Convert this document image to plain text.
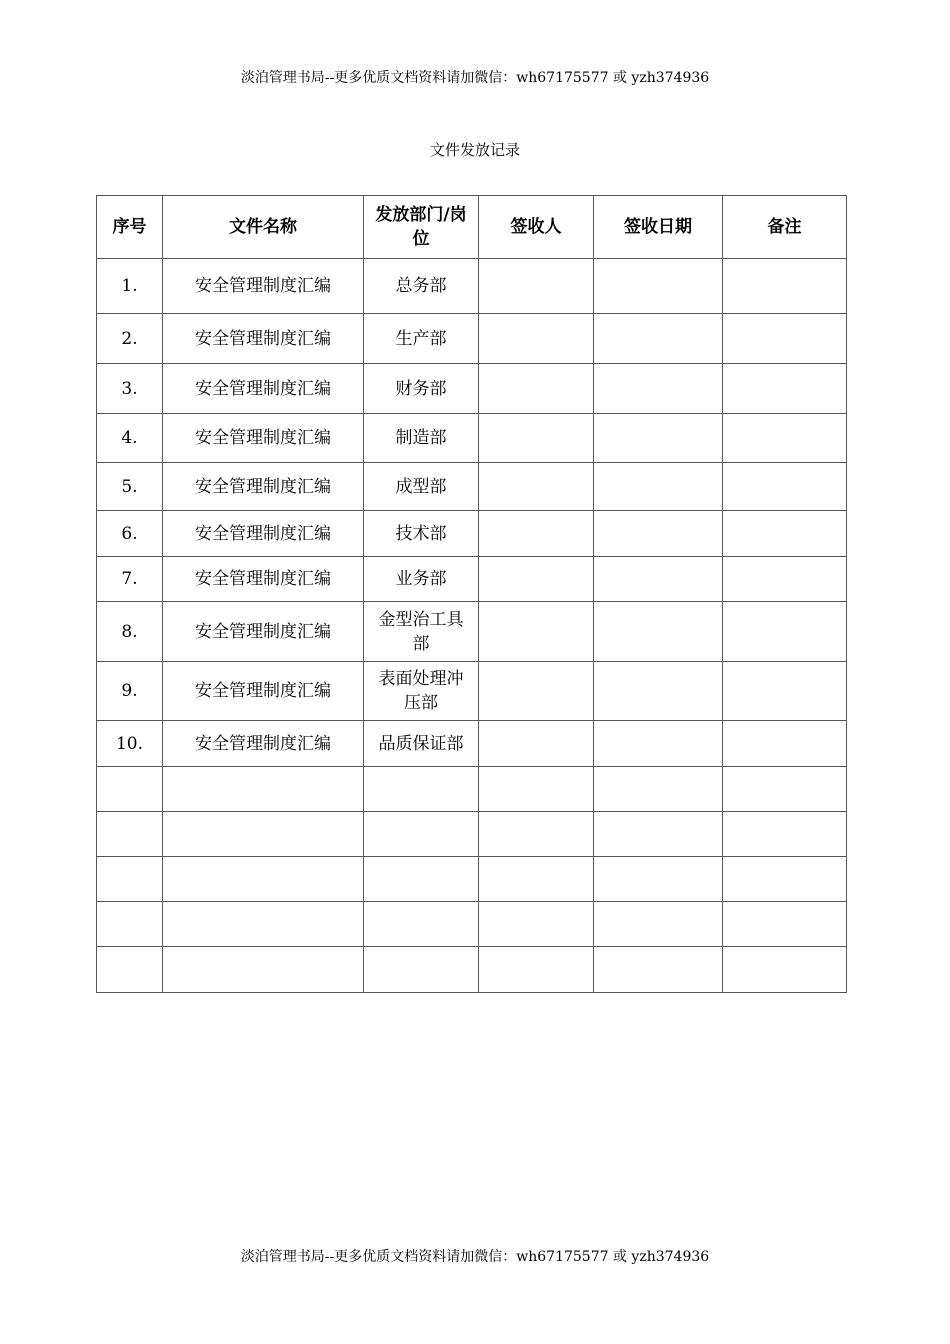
淡泊管理书局--更多优质文档资料请加微信：wh67175577 或 yzh374936
文件发放记录
序号	文件名称	发放部门/岗位	签收人	签收日期	备注
1.	安全管理制度汇编	总务部			
2.	安全管理制度汇编	生产部			
3.	安全管理制度汇编	财务部			
4.	安全管理制度汇编	制造部			
5.	安全管理制度汇编	成型部			
6.	安全管理制度汇编	技术部			
7.	安全管理制度汇编	业务部			
8.	安全管理制度汇编	金型治工具部			
9.	安全管理制度汇编	表面处理冲压部			
10.	安全管理制度汇编	品质保证部			

淡泊管理书局--更多优质文档资料请加微信：wh67175577 或 yzh374936
